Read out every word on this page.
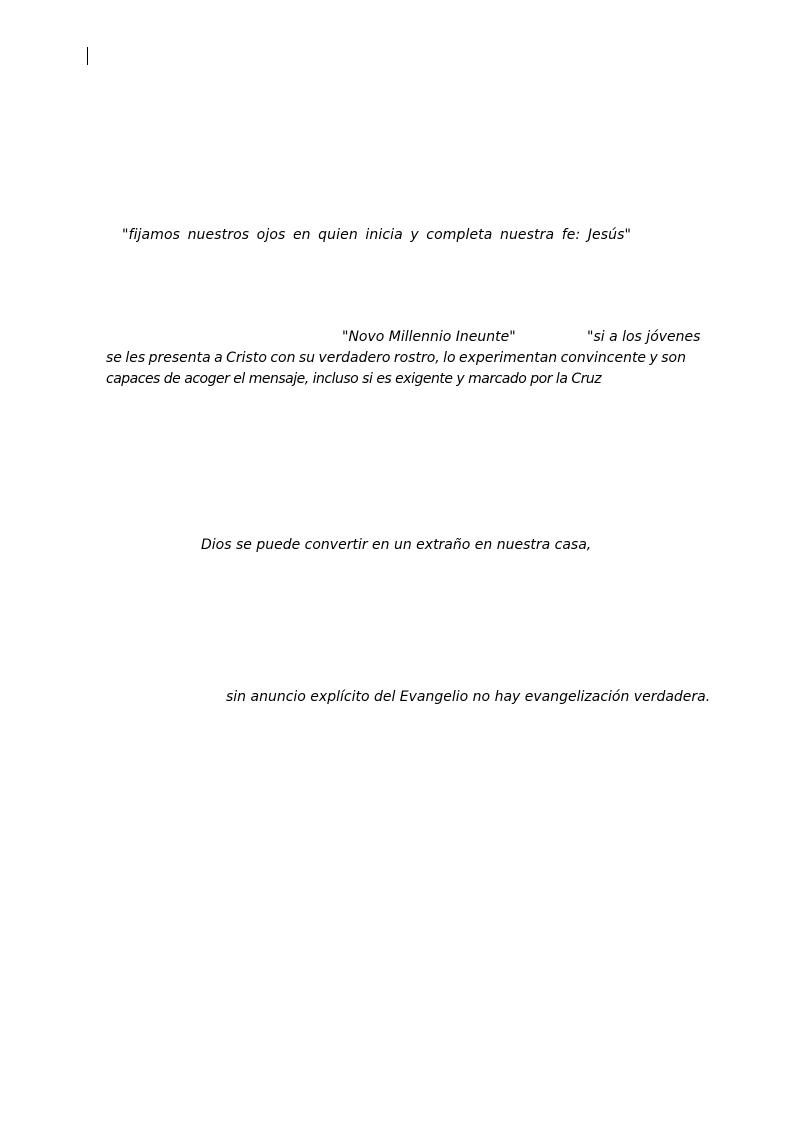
"fijamos nuestros ojos en quien inicia y completa nuestra fe: Jesús"
"Novo Millennio Ineunte"	"si a los jóvenes
se les presenta a Cristo con su verdadero rostro, lo experimentan convincente y son
capaces de acoger el mensaje, incluso si es exigente y marcado por la Cruz
Dios se puede convertir en un extraño en nuestra casa,
sin anuncio explícito del Evangelio no hay evangelización verdadera.
